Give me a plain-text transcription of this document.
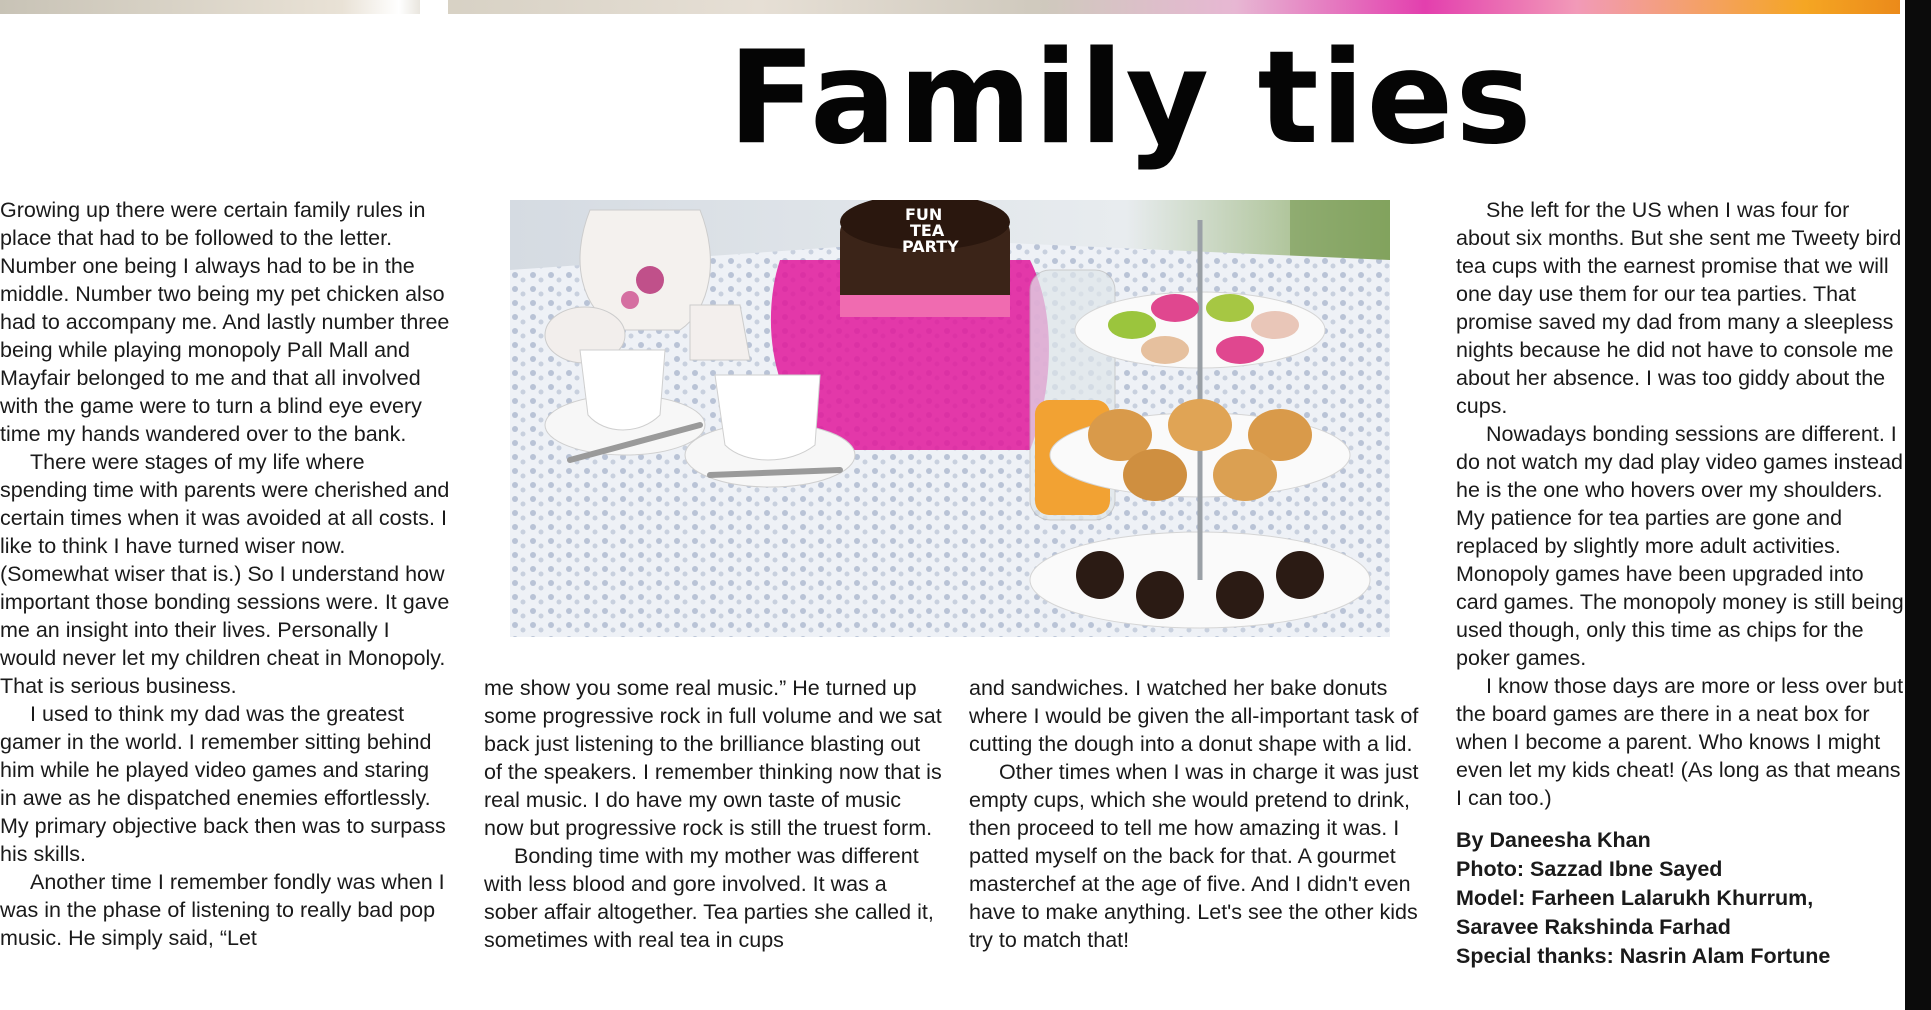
Family ties

Growing up there were certain family rules in place that had to be followed to the letter. Number one being I always had to be in the middle. Number two being my pet chicken also had to accompany me. And lastly number three being while playing monopoly Pall Mall and Mayfair belonged to me and that all involved with the game were to turn a blind eye every time my hands wandered over to the bank.

There were stages of my life where spending time with parents were cherished and certain times when it was avoided at all costs. I like to think I have turned wiser now. (Somewhat wiser that is.) So I understand how important those bonding sessions were. It gave me an insight into their lives. Personally I would never let my children cheat in Monopoly. That is serious business.

I used to think my dad was the greatest gamer in the world. I remember sitting behind him while he played video games and staring in awe as he dispatched enemies effortlessly. My primary objective back then was to surpass his skills.

Another time I remember fondly was when I was in the phase of listening to really bad pop music. He simply said, “Let

FUN
TEA
PARTY

me show you some real music.” He turned up some progressive rock in full volume and we sat back just listening to the brilliance blasting out of the speakers. I remember thinking now that is real music. I do have my own taste of music now but progressive rock is still the truest form.

Bonding time with my mother was different with less blood and gore involved. It was a sober affair altogether. Tea parties she called it, sometimes with real tea in cups

and sandwiches. I watched her bake donuts where I would be given the all-important task of cutting the dough into a donut shape with a lid.

Other times when I was in charge it was just empty cups, which she would pretend to drink, then proceed to tell me how amazing it was. I patted myself on the back for that. A gourmet masterchef at the age of five. And I didn't even have to make anything. Let's see the other kids try to match that!

She left for the US when I was four for about six months. But she sent me Tweety bird tea cups with the earnest promise that we will one day use them for our tea parties. That promise saved my dad from many a sleepless nights because he did not have to console me about her absence. I was too giddy about the cups.

Nowadays bonding sessions are different. I do not watch my dad play video games instead he is the one who hovers over my shoulders. My patience for tea parties are gone and replaced by slightly more adult activities. Monopoly games have been upgraded into card games. The monopoly money is still being used though, only this time as chips for the poker games.

I know those days are more or less over but the board games are there in a neat box for when I become a parent. Who knows I might even let my kids cheat! (As long as that means I can too.)

By Daneesha Khan
Photo: Sazzad Ibne Sayed
Model: Farheen Lalarukh Khurrum,
Saravee Rakshinda Farhad
Special thanks: Nasrin Alam Fortune
